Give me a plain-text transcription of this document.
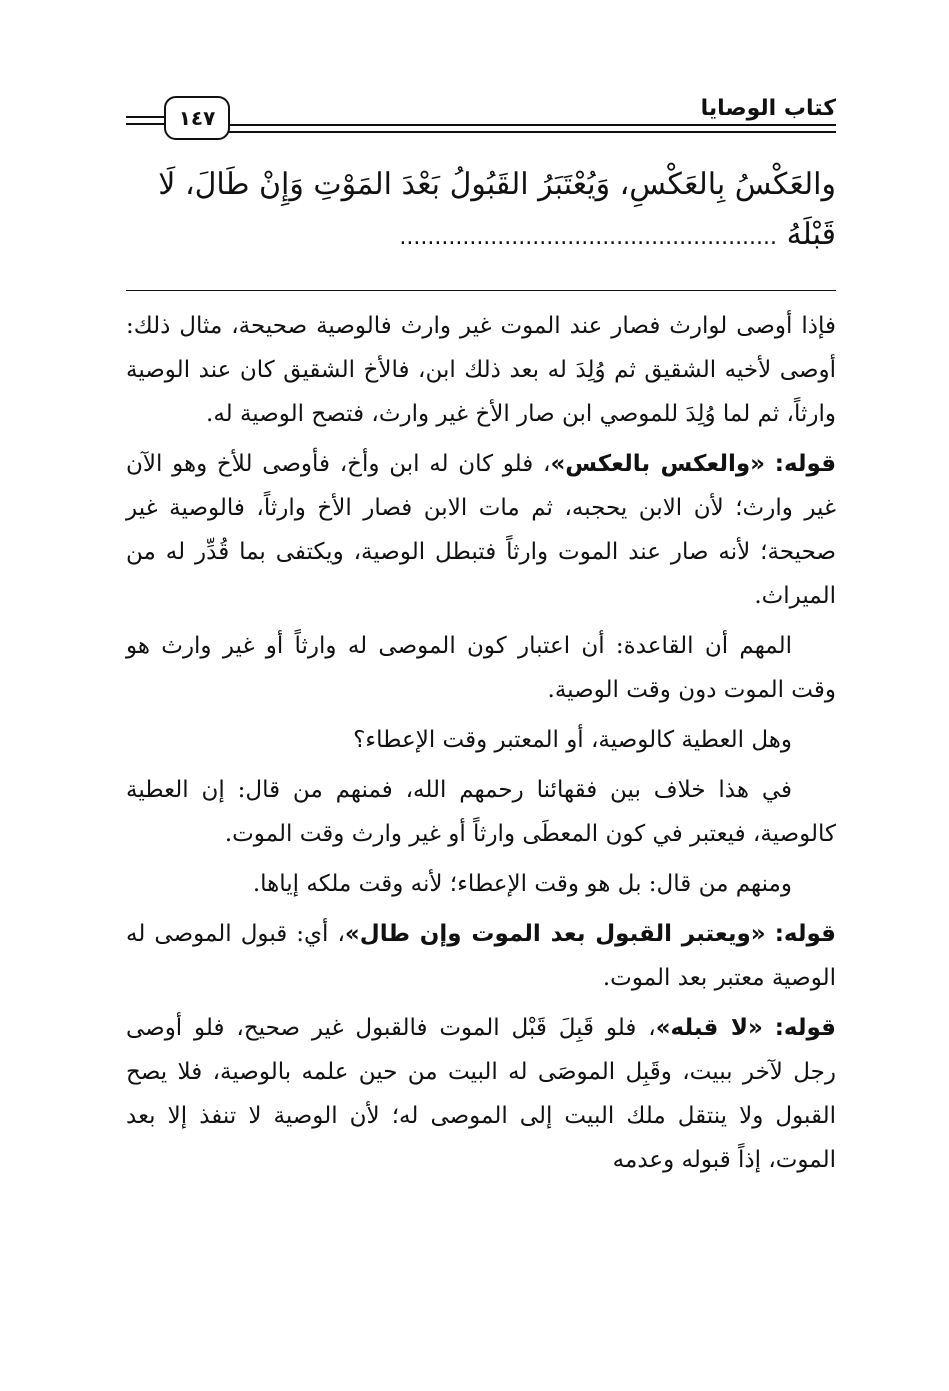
كتاب الوصايا
١٤٧
والعَكْسُ بِالعَكْسِ، وَيُعْتَبَرُ القَبُولُ بَعْدَ المَوْتِ وَإِنْ طَالَ، لَا
قَبْلَهُ ......................................................

فإذا أوصى لوارث فصار عند الموت غير وارث فالوصية صحيحة، مثال ذلك: أوصى لأخيه الشقيق ثم وُلِدَ له بعد ذلك ابن، فالأخ الشقيق كان عند الوصية وارثاً، ثم لما وُلِدَ للموصي ابن صار الأخ غير وارث، فتصح الوصية له.

قوله: «والعكس بالعكس»، فلو كان له ابن وأخ، فأوصى للأخ وهو الآن غير وارث؛ لأن الابن يحجبه، ثم مات الابن فصار الأخ وارثاً، فالوصية غير صحيحة؛ لأنه صار عند الموت وارثاً فتبطل الوصية، ويكتفى بما قُدِّر له من الميراث.

المهم أن القاعدة: أن اعتبار كون الموصى له وارثاً أو غير وارث هو وقت الموت دون وقت الوصية.

وهل العطية كالوصية، أو المعتبر وقت الإعطاء؟

في هذا خلاف بين فقهائنا رحمهم الله، فمنهم من قال: إن العطية كالوصية، فيعتبر في كون المعطَى وارثاً أو غير وارث وقت الموت.

ومنهم من قال: بل هو وقت الإعطاء؛ لأنه وقت ملكه إياها.

قوله: «ويعتبر القبول بعد الموت وإن طال»، أي: قبول الموصى له الوصية معتبر بعد الموت.

قوله: «لا قبله»، فلو قَبِلَ قَبْل الموت فالقبول غير صحيح، فلو أوصى رجل لآخر ببيت، وقَبِل الموصَى له البيت من حين علمه بالوصية، فلا يصح القبول ولا ينتقل ملك البيت إلى الموصى له؛ لأن الوصية لا تنفذ إلا بعد الموت، إذاً قبوله وعدمه
